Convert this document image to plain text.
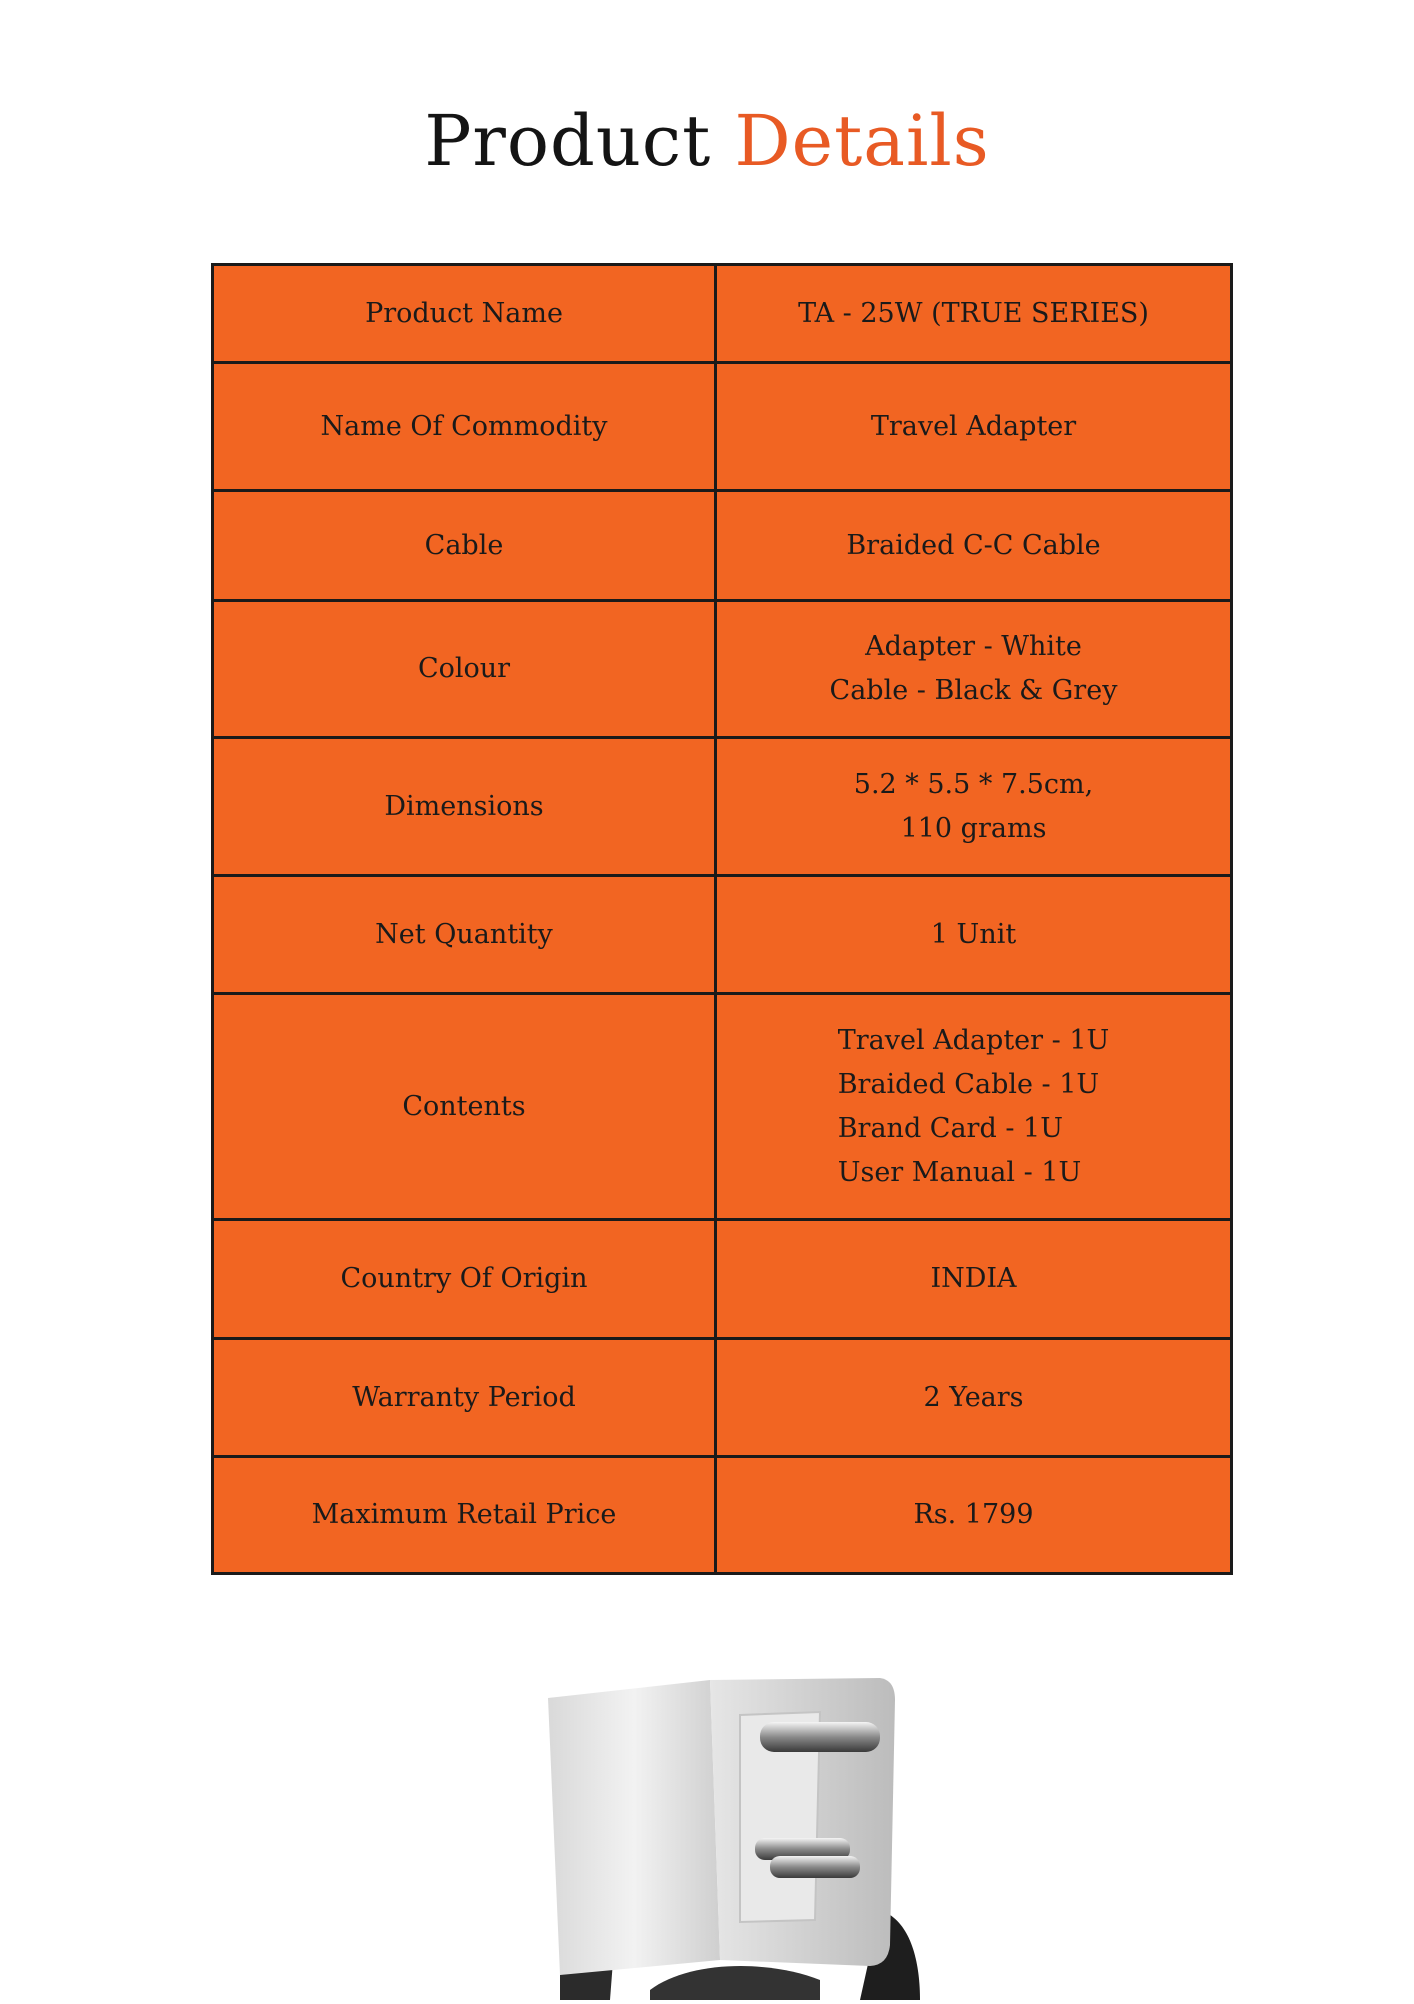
Product Details
Product Name	TA - 25W (TRUE SERIES)
Name Of Commodity	Travel Adapter
Cable	Braided C-C Cable
Colour	Adapter - White
Cable - Black & Grey

Dimensions	5.2 * 5.5 * 7.5cm,
110 grams

Net Quantity	1 Unit
Contents	Travel Adapter - 1U
Braided Cable - 1U
Brand Card - 1U
User Manual - 1U

Country Of Origin	INDIA
Warranty Period	2 Years
Maximum Retail Price	Rs. 1799
